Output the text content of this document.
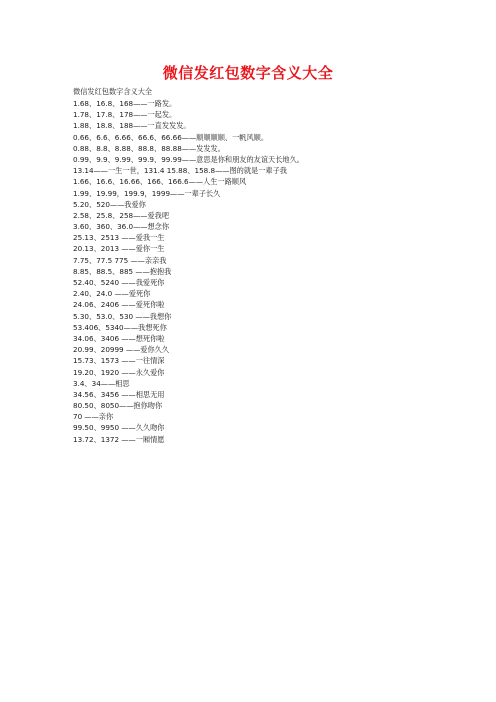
微信发红包数字含义大全
微信发红包数字含义大全
1.68、16.8、168——一路发。
1.78、17.8、178——一起发。
1.88、18.8、188——一直发发发。
0.66、6.6、6.66、66.6、66.66——顺顺顺顺、一帆风顺。
0.88、8.8、8.88、88.8、88.88——发发发。
0.99、9.9、9.99、99.9、99.99——意思是你和朋友的友谊天长地久。
13.14——一生一世，131.4 15.88、158.8——图的就是一辈子我
1.66、16.6、16.66、166、166.6——人生一路顺风
1.99、19.99，199.9，1999——一辈子长久
5.20、520——我爱你
2.58、25.8、258——爱我吧
3.60、360、36.0——想念你
25.13、2513 ——爱我一生
20.13、2013 ——爱你一生
7.75、77.5 775 ——亲亲我
8.85、88.5、885 ——抱抱我
52.40、5240 ——我爱死你
2.40、24.0 ——爱死你
24.06、2406 ——爱死你啦
5.30、53.0、530 ——我想你
53.406、5340——我想死你
34.06、3406 ——想死你啦
20.99、20999 ——爱你久久
15.73、1573 ——一往情深
19.20、1920 ——永久爱你
3.4、34——相思
34.56、3456 ——相思无用
80.50、8050——抱你吻你
70 ——亲你
99.50、9950 ——久久吻你
13.72、1372 ——一厢情愿
